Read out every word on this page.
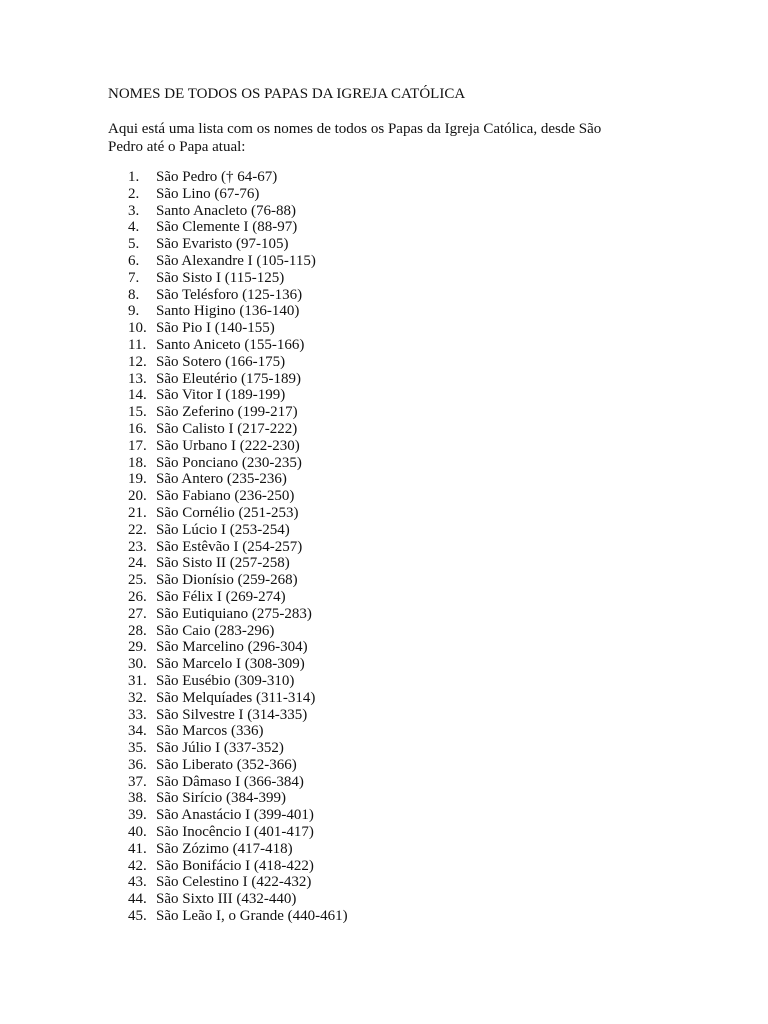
NOMES DE TODOS OS PAPAS DA IGREJA CATÓLICA

Aqui está uma lista com os nomes de todos os Papas da Igreja Católica, desde São

Pedro até o Papa atual:

1.	São Pedro († 64-67)
2.	São Lino (67-76)
3.	Santo Anacleto (76-88)
4.	São Clemente I (88-97)
5.	São Evaristo (97-105)
6.	São Alexandre I (105-115)
7.	São Sisto I (115-125)
8.	São Telésforo (125-136)
9.	Santo Higino (136-140)
10. São Pio I (140-155)
11. Santo Aniceto (155-166)
12. São Sotero (166-175)
13. São Eleutério (175-189)
14. São Vitor I (189-199)
15. São Zeferino (199-217)
16. São Calisto I (217-222)
17. São Urbano I (222-230)
18. São Ponciano (230-235)
19. São Antero (235-236)
20. São Fabiano (236-250)
21. São Cornélio (251-253)
22. São Lúcio I (253-254)
23. São Estêvão I (254-257)
24. São Sisto II (257-258)
25. São Dionísio (259-268)
26. São Félix I (269-274)
27. São Eutiquiano (275-283)
28. São Caio (283-296)
29. São Marcelino (296-304)
30. São Marcelo I (308-309)
31. São Eusébio (309-310)
32. São Melquíades (311-314)
33. São Silvestre I (314-335)
34. São Marcos (336)
35. São Júlio I (337-352)
36. São Liberato (352-366)
37. São Dâmaso I (366-384)
38. São Sirício (384-399)
39. São Anastácio I (399-401)
40. São Inocêncio I (401-417)
41. São Zózimo (417-418)
42. São Bonifácio I (418-422)
43. São Celestino I (422-432)
44. São Sixto III (432-440)
45. São Leão I, o Grande (440-461)
